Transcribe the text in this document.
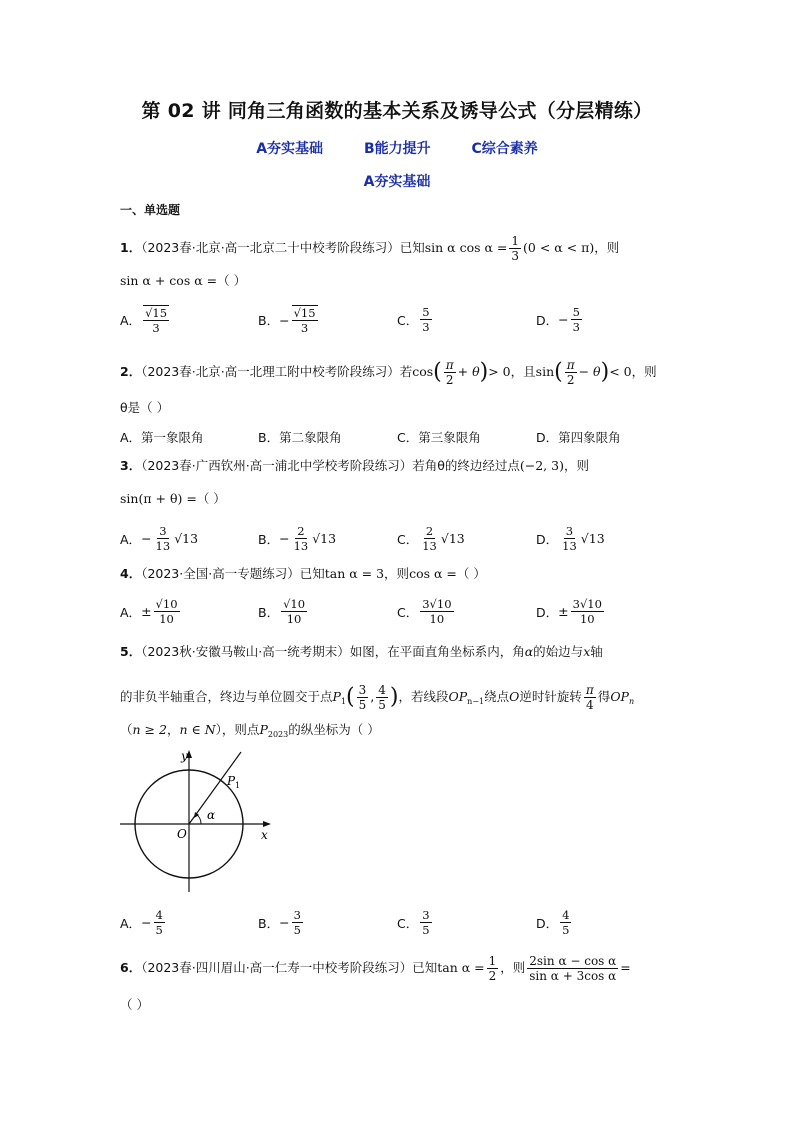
第 02 讲 同角三角函数的基本关系及诱导公式（分层精练）
A夯实基础	B能力提升	C综合素养
A夯实基础
一、单选题
1．（2023春·北京·高一北京二十中校考阶段练习）已知sin α $\cos \alpha = \frac{1}{3} (0 < \alpha < \pi)$，则
sin α + cos α =（ ）
A． $\frac{√15}{3}$	B．− $\frac{√15}{3}$	C． $\frac{5}{3}$	D．− $\frac{5}{3}$
2．（2023春·北京·高一北理工附中校考阶段练习）若$\cos( \frac{\pi}{2} + \theta)> 0$，且$\sin( \frac{\pi}{2} - \theta)< 0$，则
θ是（ ）
A．第一象限角	B．第二象限角	C．第三象限角	D．第四象限角
3．（2023春·广西钦州·高一浦北中学校考阶段练习）若角θ的终边经过点(−2, 3)，则
sin(π + θ) =（ ）
A．− $\frac{3}{13} √13$	B．− $\frac{2}{13} √13$	C． $\frac{2}{13} √13$	D． $\frac{3}{13} √13$
4．（2023·全国·高一专题练习）已知tan α = 3，则cos α =（ ）
A．± $\frac{√10}{10}$	B． $\frac{√10}{10}$	C． $\frac{3√10}{10}$	D．± $\frac{3√10}{10}$
5．（2023秋·安徽马鞍山·高一统考期末）如图，在平面直角坐标系内，角α的始边与x轴
的非负半轴重合，终边与单位圆交于点$P_1( \frac{3}{5}$ , $\frac{4}{5}$ )，若线段$OP_{n-1}$绕点O逆时针旋转 $\frac{\pi}{4}$ 得$OP_n$
（n ≥ 2，n ∈ N），则点$P_{2023}$的纵坐标为（ ）
y
x
O
P 1
α
A．− $\frac{4}{5}$	B．− $\frac{3}{5}$	C． $\frac{3}{5}$	D． $\frac{4}{5}$
6．（2023春·四川眉山·高一仁寿一中校考阶段练习）已知$\tan \alpha = \frac{1}{2}$ ，则 $\frac{\text{2sin α − cos α}}{\text{sin α + 3cos α}}$ =
（ ）
